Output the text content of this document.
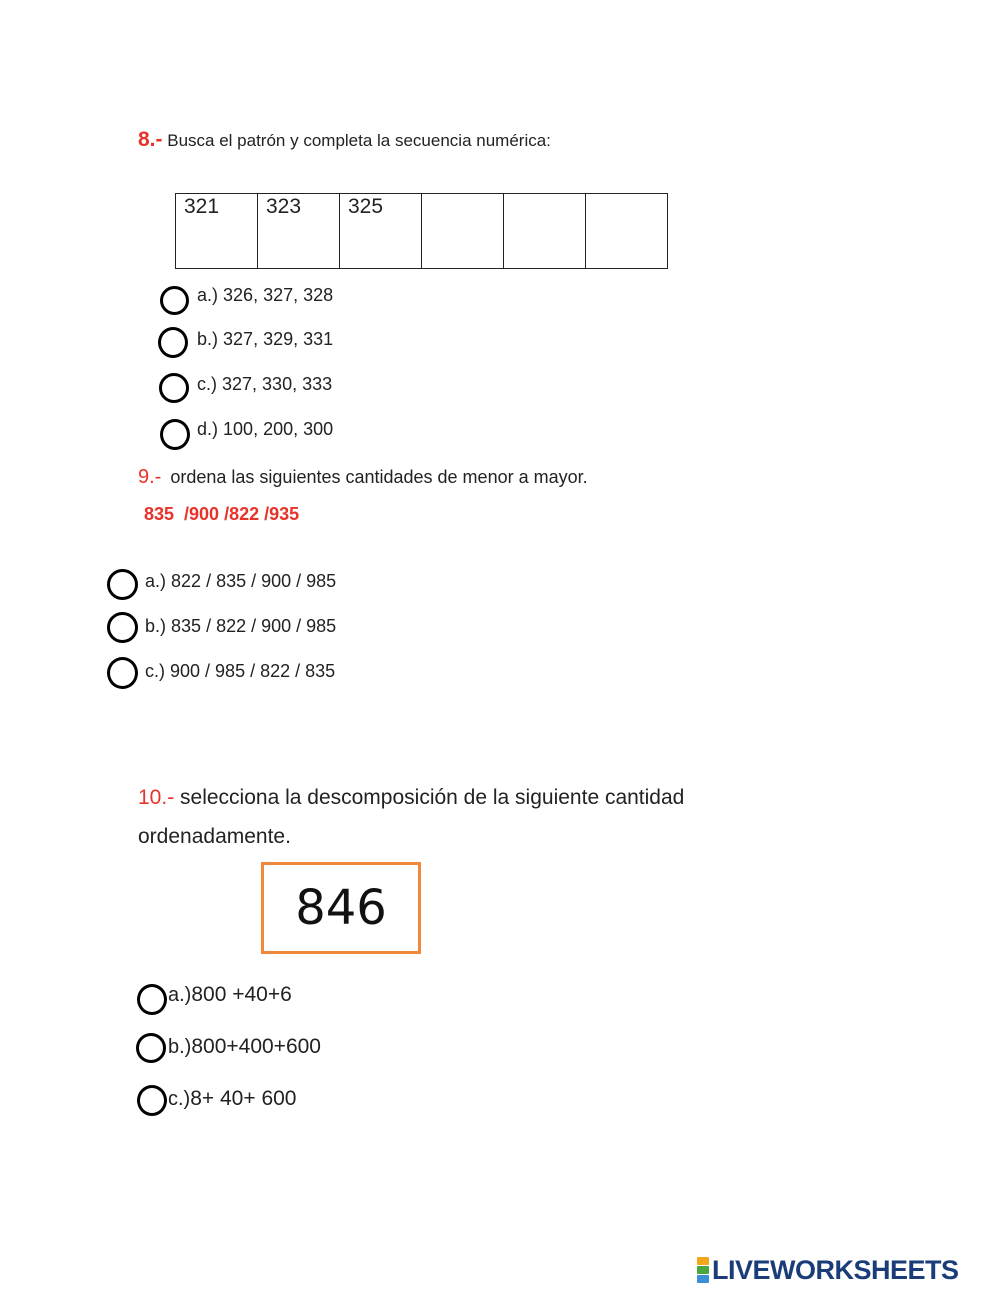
8.- Busca el patrón y completa la secuencia numérica:
321	323	325			
a.) 326, 327, 328
b.) 327, 329, 331
c.) 327, 330, 333
d.) 100, 200, 300
9.- ordena las siguientes cantidades de menor a mayor.
835  /900 /822 /935
a.) 822 / 835 / 900 / 985
b.) 835 / 822 / 900 / 985
c.) 900 / 985 / 822 / 835
10.- selecciona la descomposición de la siguiente cantidad
ordenadamente.
846
a.)800 +40+6
b.)800+400+600
c.)8+ 40+ 600
LIVEWORKSHEETS
